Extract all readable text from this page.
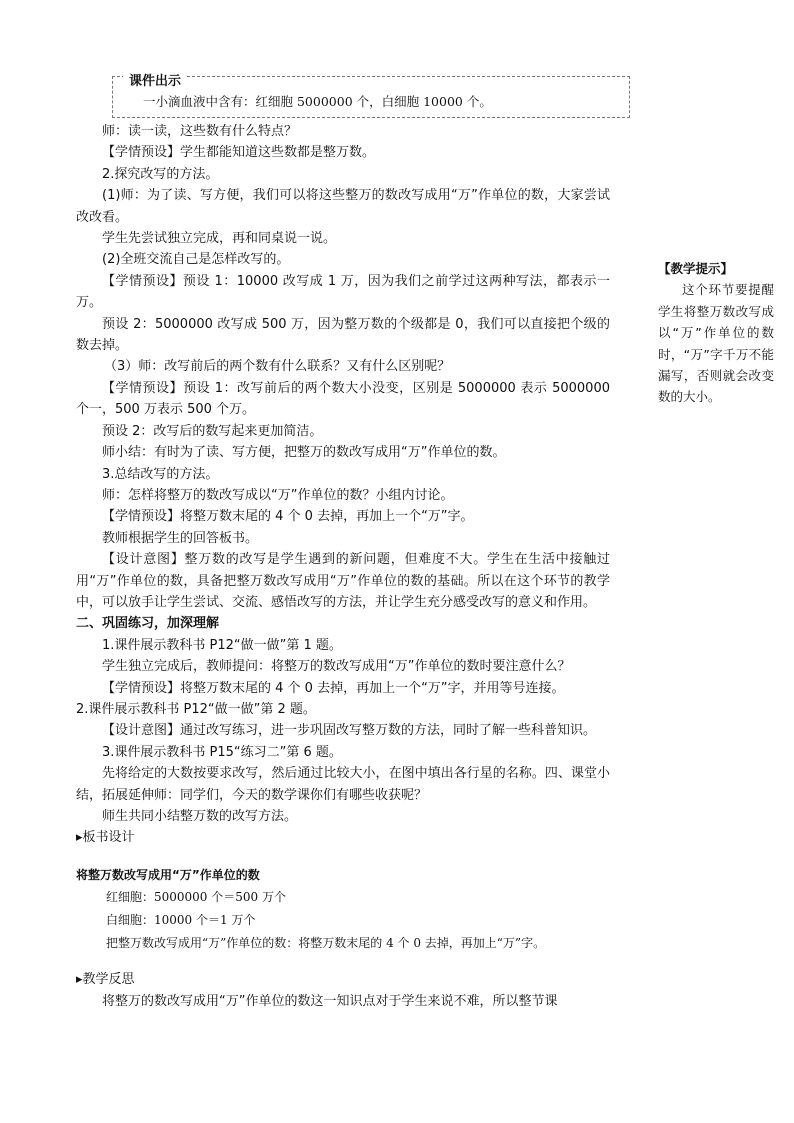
课件出示
一小滴血液中含有：红细胞 5000000 个，白细胞 10000 个。

师：读一读，这些数有什么特点？

【学情预设】学生都能知道这些数都是整万数。

2.探究改写的方法。

(1)师：为了读、写方便，我们可以将这些整万的数改写成用“万”作单位的数，大家尝试改改看。

学生先尝试独立完成，再和同桌说一说。

(2)全班交流自己是怎样改写的。

【学情预设】预设 1：10000 改写成 1 万，因为我们之前学过这两种写法，都表示一万。

预设 2：5000000 改写成 500 万，因为整万数的个级都是 0，我们可以直接把个级的数去掉。

（3）师：改写前后的两个数有什么联系？又有什么区别呢？

【学情预设】预设 1：改写前后的两个数大小没变，区别是 5000000 表示 5000000 个一，500 万表示 500 个万。

预设 2：改写后的数写起来更加简洁。

师小结：有时为了读、写方便，把整万的数改写成用“万”作单位的数。

3.总结改写的方法。

师：怎样将整万的数改写成以“万”作单位的数？小组内讨论。

【学情预设】将整万数末尾的 4 个 0 去掉，再加上一个“万”字。

教师根据学生的回答板书。

【设计意图】整万数的改写是学生遇到的新问题，但难度不大。学生在生活中接触过用“万”作单位的数，具备把整万数改写成用“万”作单位的数的基础。所以在这个环节的教学中，可以放手让学生尝试、交流、感悟改写的方法，并让学生充分感受改写的意义和作用。

二、巩固练习，加深理解

1.课件展示教科书 P12“做一做”第 1 题。

学生独立完成后，教师提问：将整万的数改写成用“万”作单位的数时要注意什么？

【学情预设】将整万数末尾的 4 个 0 去掉，再加上一个“万”字，并用等号连接。

2.课件展示教科书 P12“做一做”第 2 题。

【设计意图】通过改写练习，进一步巩固改写整万数的方法，同时了解一些科普知识。

3.课件展示教科书 P15“练习二”第 6 题。

先将给定的大数按要求改写，然后通过比较大小，在图中填出各行星的名称。四、课堂小结，拓展延伸师：同学们，今天的数学课你们有哪些收获呢？

师生共同小结整万数的改写方法。

▸板书设计

将整万数改写成用“万”作单位的数

红细胞：5000000 个＝500 万个

白细胞：10000 个＝1 万个

把整万数改写成用“万”作单位的数：将整万数末尾的 4 个 0 去掉，再加上“万”字。

▸教学反思

将整万的数改写成用“万”作单位的数这一知识点对于学生来说不难，所以整节课

【教学提示】

这个环节要提醒学生将整万数改写成以“万”作单位的数时，“万”字千万不能漏写，否则就会改变数的大小。
